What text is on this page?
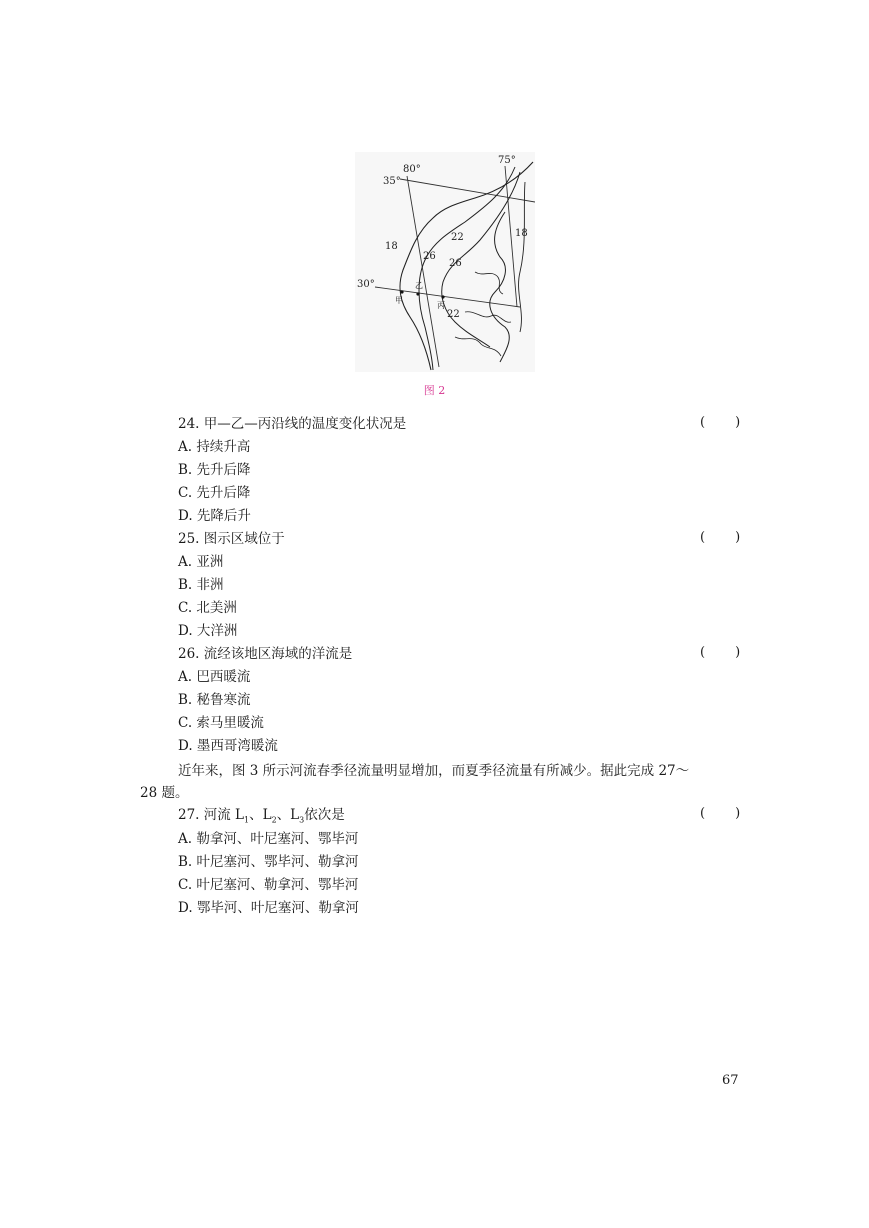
80°
75°
35°
30°
18
18
22
22
26
26
甲
乙
丙
图 2
24. 甲—乙—丙沿线的温度变化状况是	( )
A. 持续升高
B. 先升后降
C. 先升后降
D. 先降后升
25. 图示区域位于	( )
A. 亚洲
B. 非洲
C. 北美洲
D. 大洋洲
26. 流经该地区海域的洋流是	( )
A. 巴西暖流
B. 秘鲁寒流
C. 索马里暖流
D. 墨西哥湾暖流
近年来，图 3 所示河流春季径流量明显增加，而夏季径流量有所减少。据此完成 27～
28 题。
27. 河流 $L_1$、$L_2$、$L_3$依次是	( )
A. 勒拿河、叶尼塞河、鄂毕河
B. 叶尼塞河、鄂毕河、勒拿河
C. 叶尼塞河、勒拿河、鄂毕河
D. 鄂毕河、叶尼塞河、勒拿河
67
